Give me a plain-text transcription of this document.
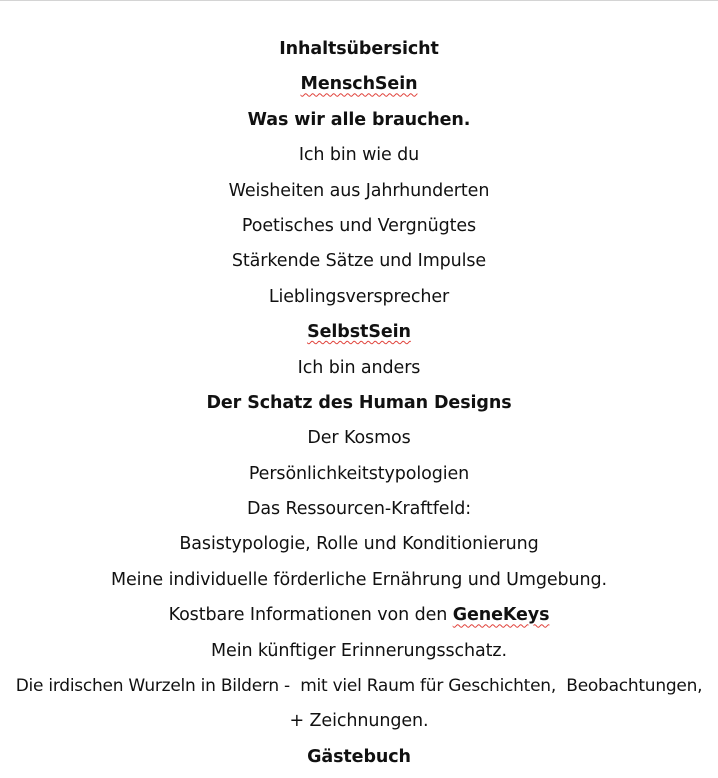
Inhaltsübersicht
MenschSein
Was wir alle brauchen.
Ich bin wie du
Weisheiten aus Jahrhunderten
Poetisches und Vergnügtes
Stärkende Sätze und Impulse
Lieblingsversprecher
SelbstSein
Ich bin anders
Der Schatz des Human Designs
Der Kosmos
Persönlichkeitstypologien
Das Ressourcen-Kraftfeld:
Basistypologie, Rolle und Konditionierung
Meine individuelle förderliche Ernährung und Umgebung.
Kostbare Informationen von den GeneKeys
Mein künftiger Erinnerungsschatz.
Die irdischen Wurzeln in Bildern -  mit viel Raum für Geschichten,  Beobachtungen,
+ Zeichnungen.
Gästebuch
